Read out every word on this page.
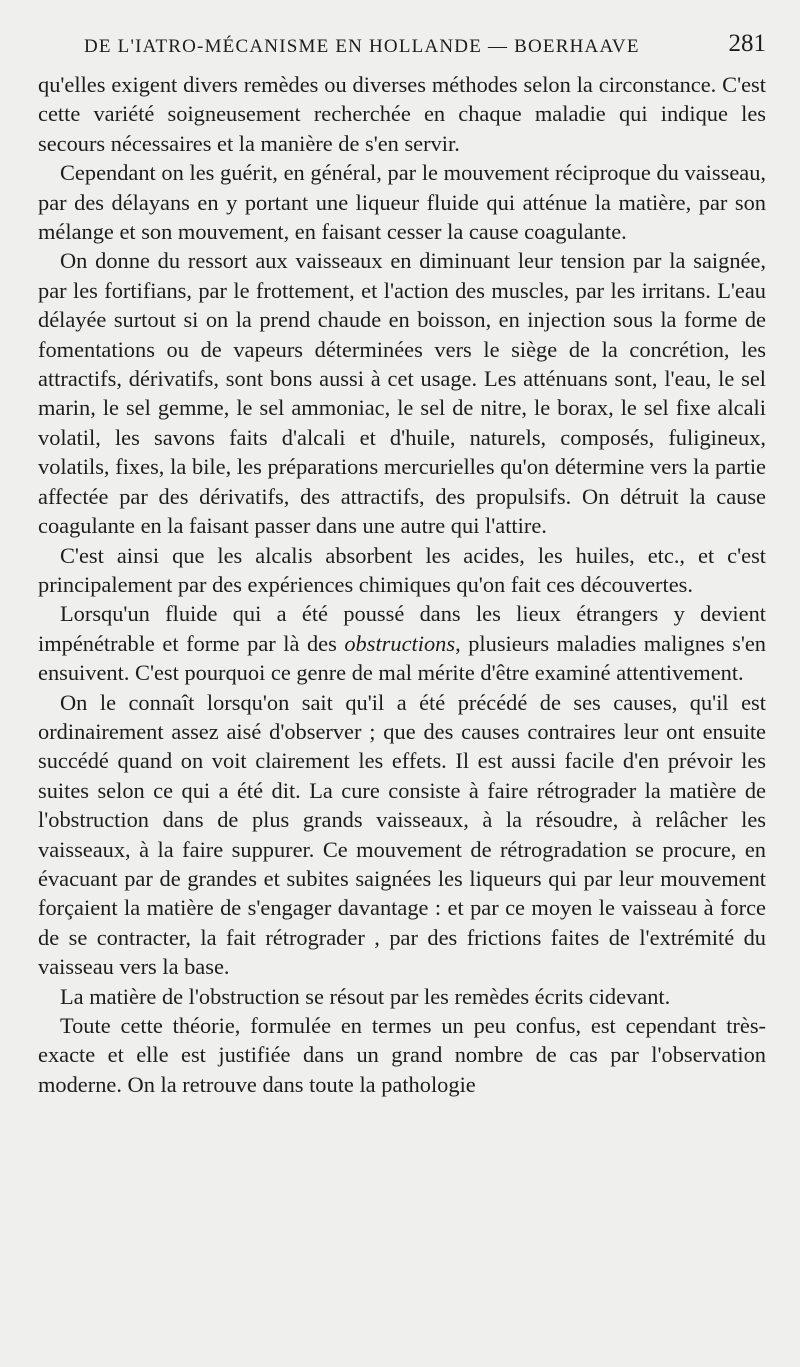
DE L'IATRO-MÉCANISME EN HOLLANDE — BOERHAAVE	281

qu'elles exigent divers remèdes ou diverses méthodes selon la circonstance. C'est cette variété soigneusement recherchée en chaque maladie qui indique les secours nécessaires et la manière de s'en servir.

Cependant on les guérit, en général, par le mouvement réciproque du vaisseau, par des délayans en y portant une liqueur fluide qui atténue la matière, par son mélange et son mouvement, en faisant cesser la cause coagulante.

On donne du ressort aux vaisseaux en diminuant leur tension par la saignée, par les fortifians, par le frottement, et l'action des muscles, par les irritans. L'eau délayée surtout si on la prend chaude en boisson, en injection sous la forme de fomentations ou de vapeurs déterminées vers le siège de la concrétion, les attractifs, dérivatifs, sont bons aussi à cet usage. Les atténuans sont, l'eau, le sel marin, le sel gemme, le sel ammoniac, le sel de nitre, le borax, le sel fixe alcali volatil, les savons faits d'alcali et d'huile, naturels, composés, fuligineux, volatils, fixes, la bile, les préparations mercurielles qu'on détermine vers la partie affectée par des dérivatifs, des attractifs, des propulsifs. On détruit la cause coagulante en la faisant passer dans une autre qui l'attire.

C'est ainsi que les alcalis absorbent les acides, les huiles, etc., et c'est principalement par des expériences chimiques qu'on fait ces découvertes.

Lorsqu'un fluide qui a été poussé dans les lieux étrangers y devient impénétrable et forme par là des obstructions, plusieurs maladies malignes s'en ensuivent. C'est pourquoi ce genre de mal mérite d'être examiné attentivement.

On le connaît lorsqu'on sait qu'il a été précédé de ses causes, qu'il est ordinairement assez aisé d'observer ; que des causes contraires leur ont ensuite succédé quand on voit clairement les effets. Il est aussi facile d'en prévoir les suites selon ce qui a été dit. La cure consiste à faire rétrograder la matière de l'obstruction dans de plus grands vaisseaux, à la résoudre, à relâcher les vaisseaux, à la faire suppurer. Ce mouvement de rétrogradation se procure, en évacuant par de grandes et subites saignées les liqueurs qui par leur mouvement forçaient la matière de s'engager davantage : et par ce moyen le vaisseau à force de se contracter, la fait rétrograder , par des frictions faites de l'extrémité du vaisseau vers la base.

La matière de l'obstruction se résout par les remèdes écrits cidevant.

Toute cette théorie, formulée en termes un peu confus, est cependant très-exacte et elle est justifiée dans un grand nombre de cas par l'observation moderne. On la retrouve dans toute la pathologie
